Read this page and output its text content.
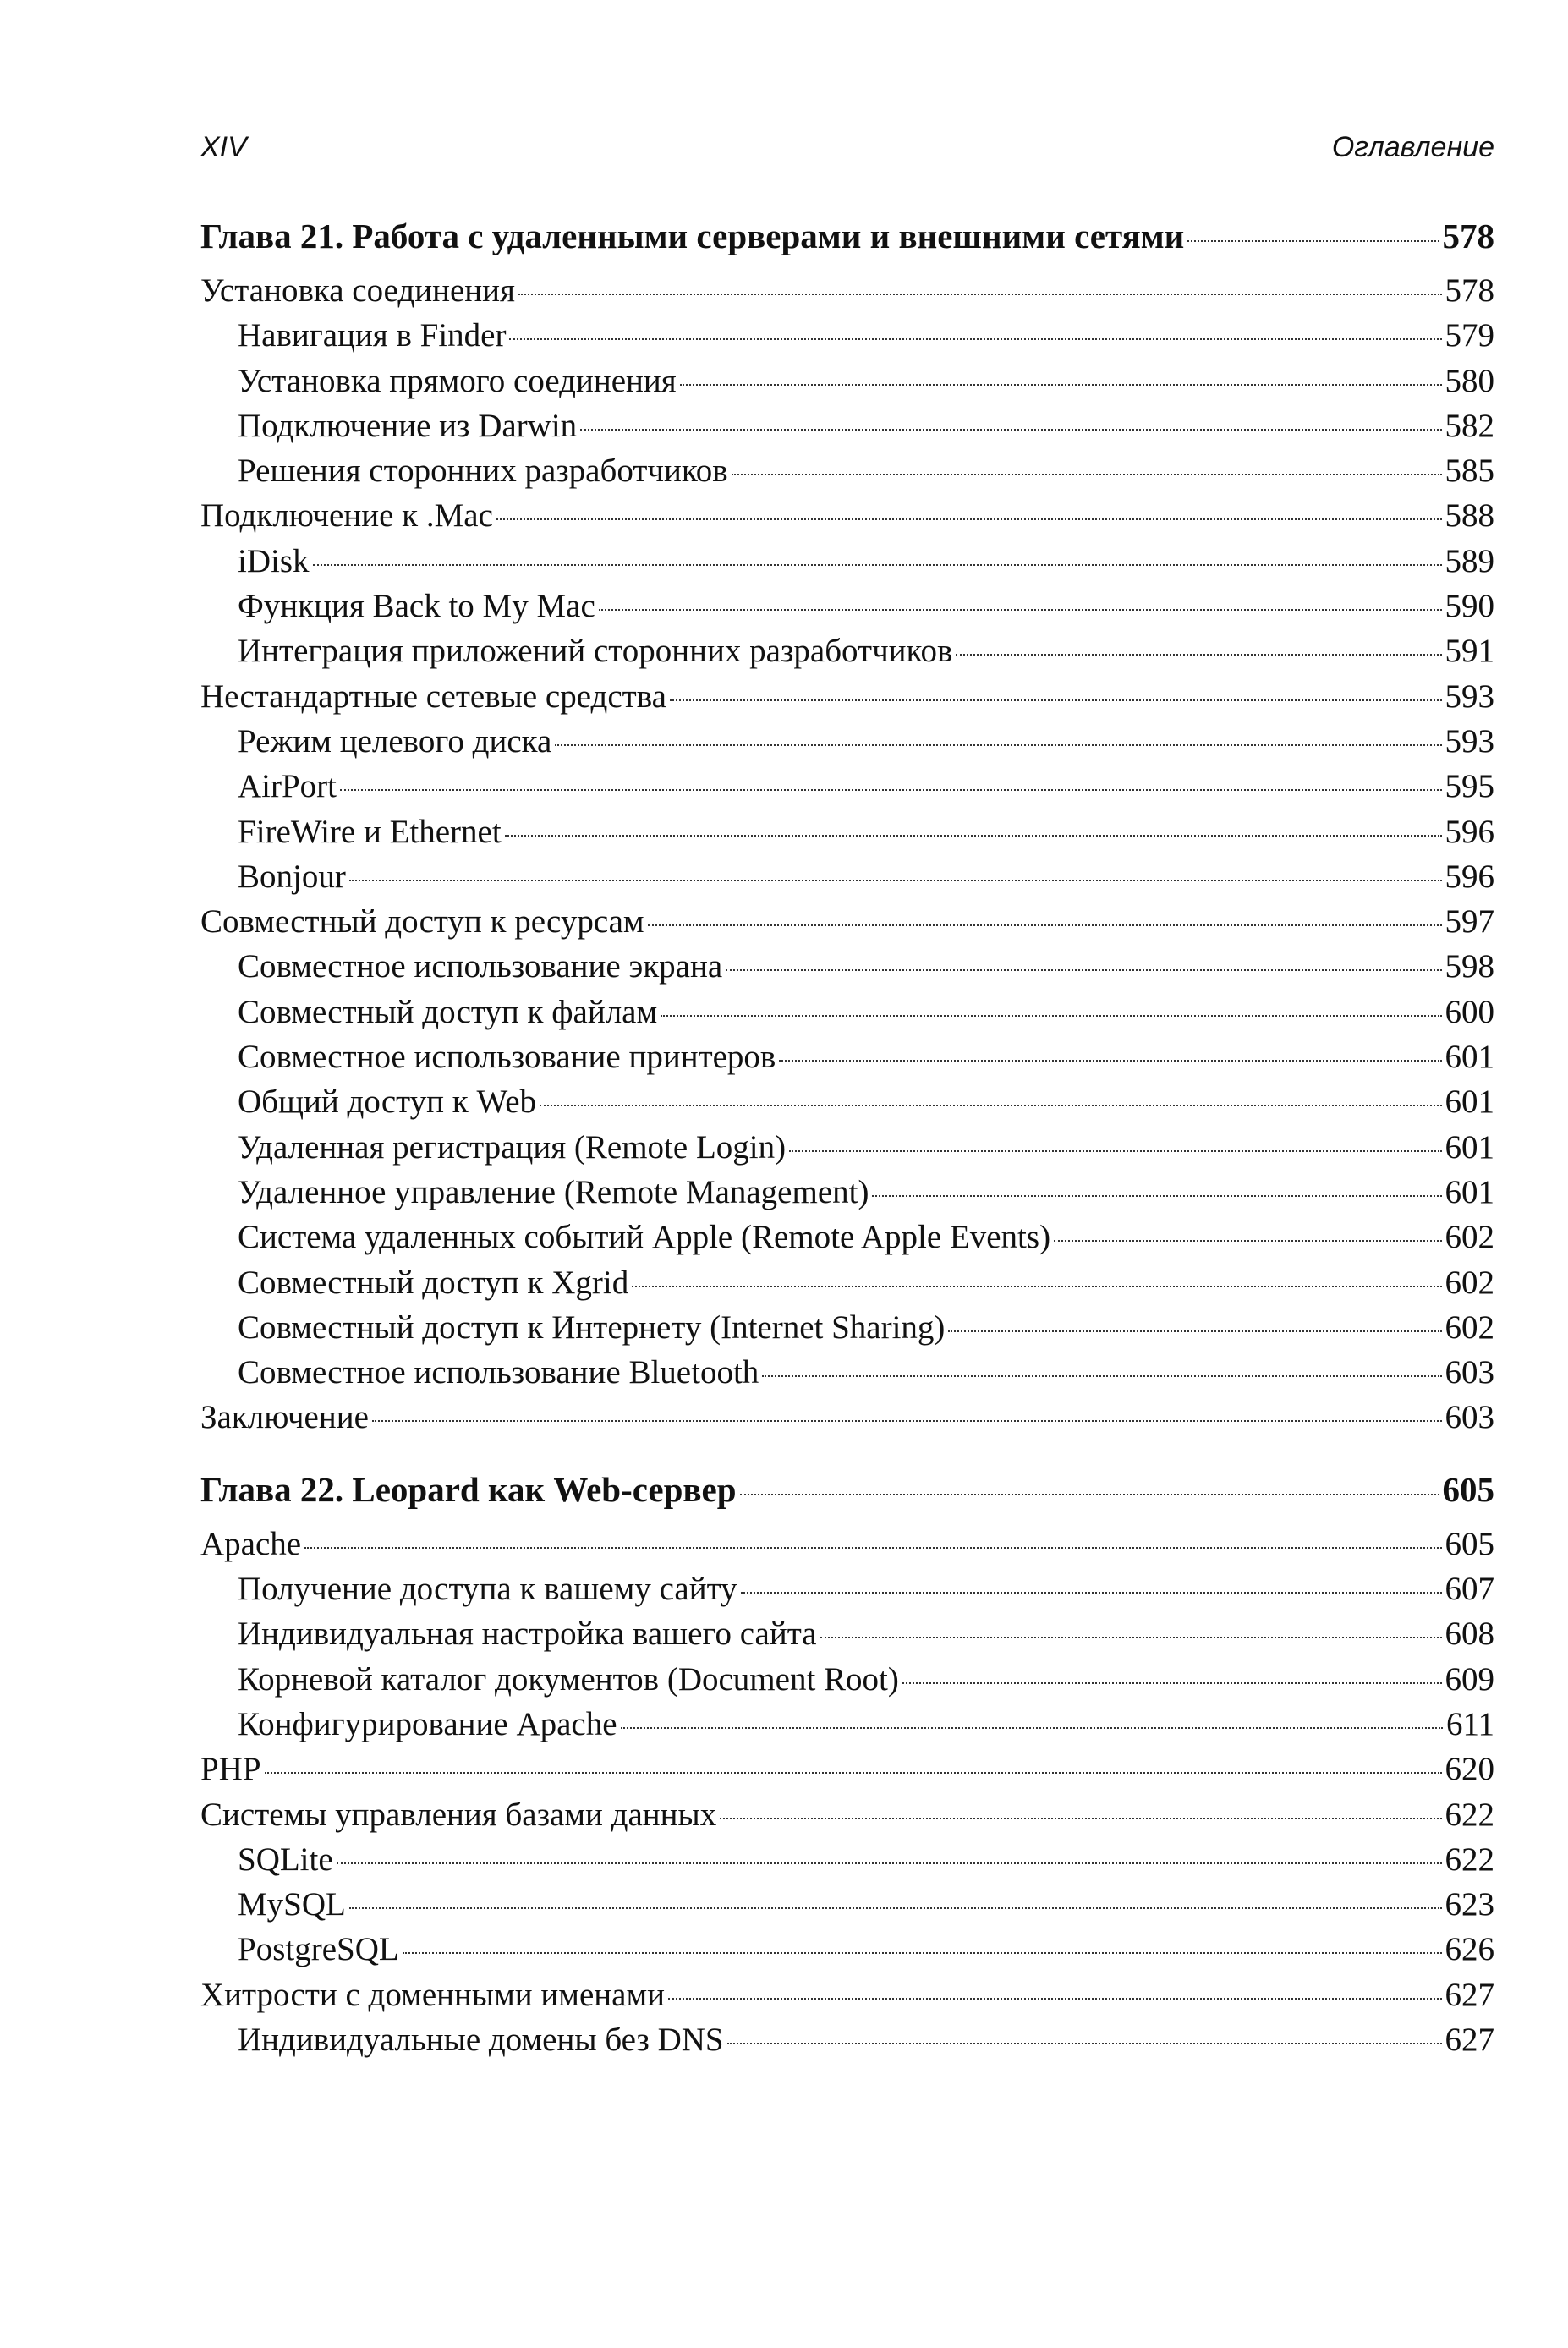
XIV	Оглавление
Глава 21. Работа с удаленными серверами и внешними сетями	578
Установка соединения	578
Навигация в Finder	579
Установка прямого соединения	580
Подключение из Darwin	582
Решения сторонних разработчиков	585
Подключение к .Mac	588
iDisk	589
Функция Back to My Mac	590
Интеграция приложений сторонних разработчиков	591
Нестандартные сетевые средства	593
Режим целевого диска	593
AirPort	595
FireWire и Ethernet	596
Bonjour	596
Совместный доступ к ресурсам	597
Совместное использование экрана	598
Совместный доступ к файлам	600
Совместное использование принтеров	601
Общий доступ к Web	601
Удаленная регистрация (Remote Login)	601
Удаленное управление (Remote Management)	601
Система удаленных событий Apple (Remote Apple Events)	602
Совместный доступ к Xgrid	602
Совместный доступ к Интернету (Internet Sharing)	602
Совместное использование Bluetooth	603
Заключение	603
Глава 22. Leopard как Web-сервер	605
Apache	605
Получение доступа к вашему сайту	607
Индивидуальная настройка вашего сайта	608
Корневой каталог документов (Document Root)	609
Конфигурирование Apache	611
PHP	620
Системы управления базами данных	622
SQLite	622
MySQL	623
PostgreSQL	626
Хитрости с доменными именами	627
Индивидуальные домены без DNS	627
